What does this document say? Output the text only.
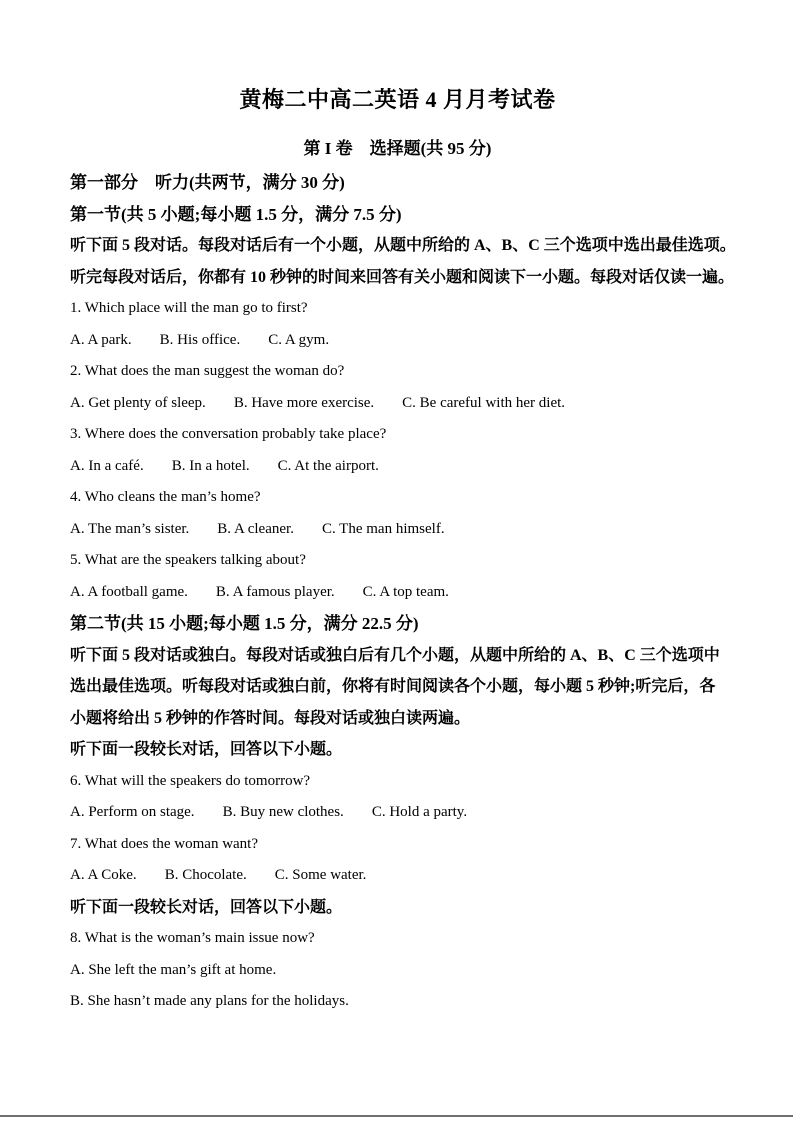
黄梅二中高二英语 4 月月考试卷
第 I 卷　选择题(共 95 分)
第一部分　听力(共两节，满分 30 分)
第一节(共 5 小题;每小题 1.5 分，满分 7.5 分)
听下面 5 段对话。每段对话后有一个小题，从题中所给的 A、B、C 三个选项中选出最佳选项。
听完每段对话后，你都有 10 秒钟的时间来回答有关小题和阅读下一小题。每段对话仅读一遍。
1. Which place will the man go to first?
A. A park. B. His office. C. A gym.
2. What does the man suggest the woman do?
A. Get plenty of sleep. B. Have more exercise. C. Be careful with her diet.
3. Where does the conversation probably take place?
A. In a café. B. In a hotel. C. At the airport.
4. Who cleans the man’s home?
A. The man’s sister. B. A cleaner. C. The man himself.
5. What are the speakers talking about?
A. A football game. B. A famous player. C. A top team.
第二节(共 15 小题;每小题 1.5 分，满分 22.5 分)
听下面 5 段对话或独白。每段对话或独白后有几个小题，从题中所给的 A、B、C 三个选项中
选出最佳选项。听每段对话或独白前，你将有时间阅读各个小题，每小题 5 秒钟;听完后，各
小题将给出 5 秒钟的作答时间。每段对话或独白读两遍。
听下面一段较长对话，回答以下小题。
6. What will the speakers do tomorrow?
A. Perform on stage. B. Buy new clothes. C. Hold a party.
7. What does the woman want?
A. A Coke. B. Chocolate. C. Some water.
听下面一段较长对话，回答以下小题。
8. What is the woman’s main issue now?
A. She left the man’s gift at home.
B. She hasn’t made any plans for the holidays.
